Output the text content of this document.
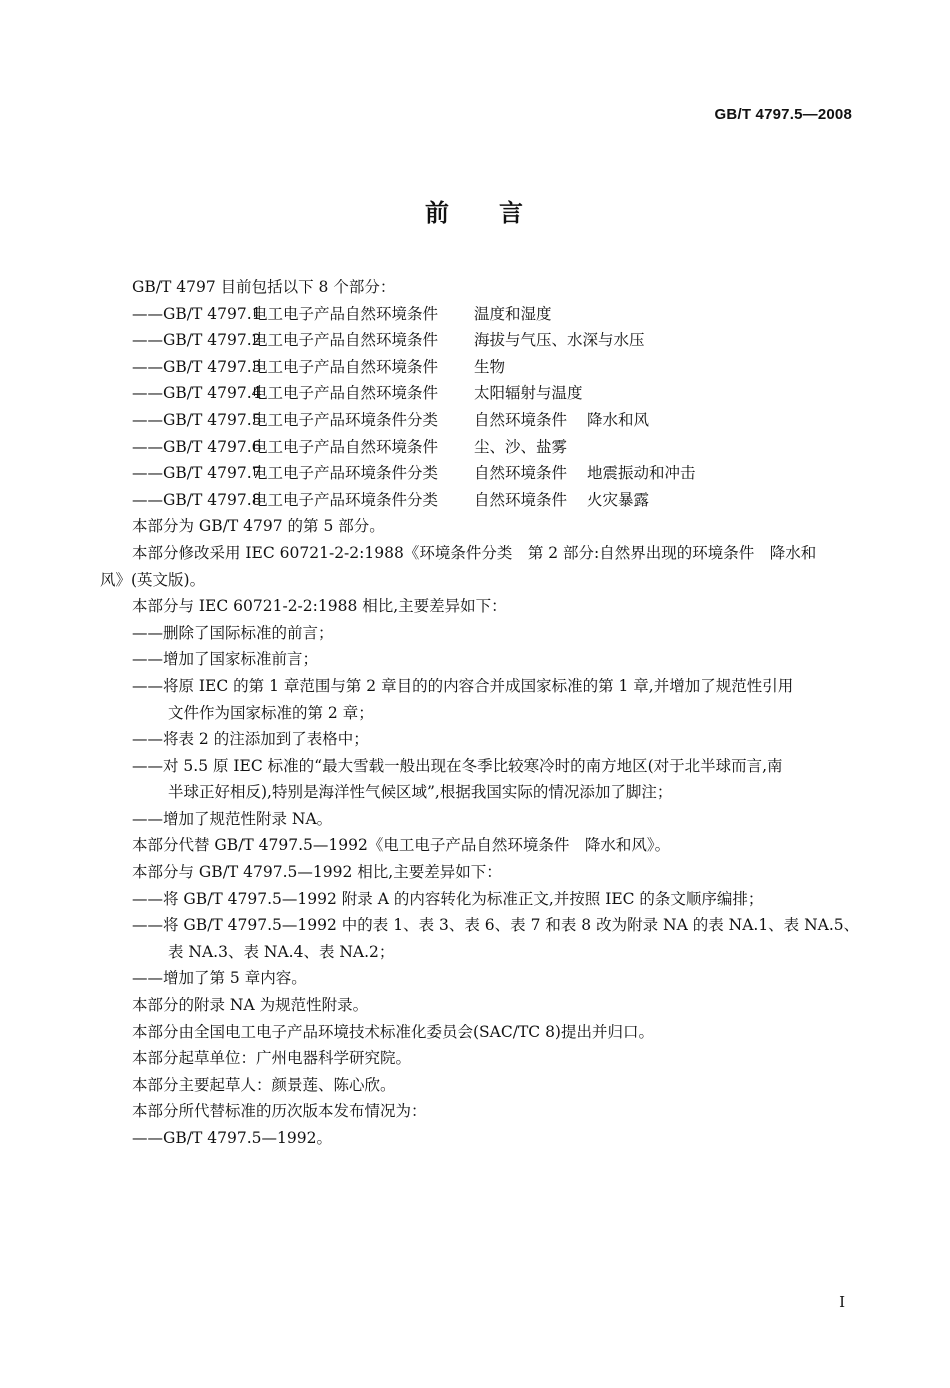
GB/T 4797.5—2008
前 言
GB/T 4797 目前包括以下 8 个部分：
——GB/T 4797.1电工电子产品自然环境条件 温度和湿度
——GB/T 4797.2电工电子产品自然环境条件 海拔与气压、水深与水压
——GB/T 4797.3电工电子产品自然环境条件 生物
——GB/T 4797.4电工电子产品自然环境条件 太阳辐射与温度
——GB/T 4797.5电工电子产品环境条件分类 自然环境条件 降水和风
——GB/T 4797.6电工电子产品自然环境条件 尘、沙、盐雾
——GB/T 4797.7电工电子产品环境条件分类 自然环境条件 地震振动和冲击
——GB/T 4797.8电工电子产品环境条件分类 自然环境条件 火灾暴露
本部分为 GB/T 4797 的第 5 部分。
本部分修改采用 IEC 60721-2-2:1988《环境条件分类　第 2 部分:自然界出现的环境条件　降水和
风》(英文版)。
本部分与 IEC 60721-2-2:1988 相比,主要差异如下：
——删除了国际标准的前言；
——增加了国家标准前言；
——将原 IEC 的第 1 章范围与第 2 章目的的内容合并成国家标准的第 1 章,并增加了规范性引用
文件作为国家标准的第 2 章；
——将表 2 的注添加到了表格中；
——对 5.5 原 IEC 标准的“最大雪载一般出现在冬季比较寒冷时的南方地区(对于北半球而言,南
半球正好相反),特别是海洋性气候区域”,根据我国实际的情况添加了脚注；
——增加了规范性附录 NA。
本部分代替 GB/T 4797.5—1992《电工电子产品自然环境条件　降水和风》。
本部分与 GB/T 4797.5—1992 相比,主要差异如下：
——将 GB/T 4797.5—1992 附录 A 的内容转化为标准正文,并按照 IEC 的条文顺序编排；
——将 GB/T 4797.5—1992 中的表 1、表 3、表 6、表 7 和表 8 改为附录 NA 的表 NA.1、表 NA.5、
表 NA.3、表 NA.4、表 NA.2；
——增加了第 5 章内容。
本部分的附录 NA 为规范性附录。
本部分由全国电工电子产品环境技术标准化委员会(SAC/TC 8)提出并归口。
本部分起草单位：广州电器科学研究院。
本部分主要起草人：颜景莲、陈心欣。
本部分所代替标准的历次版本发布情况为：
——GB/T 4797.5—1992。
I
